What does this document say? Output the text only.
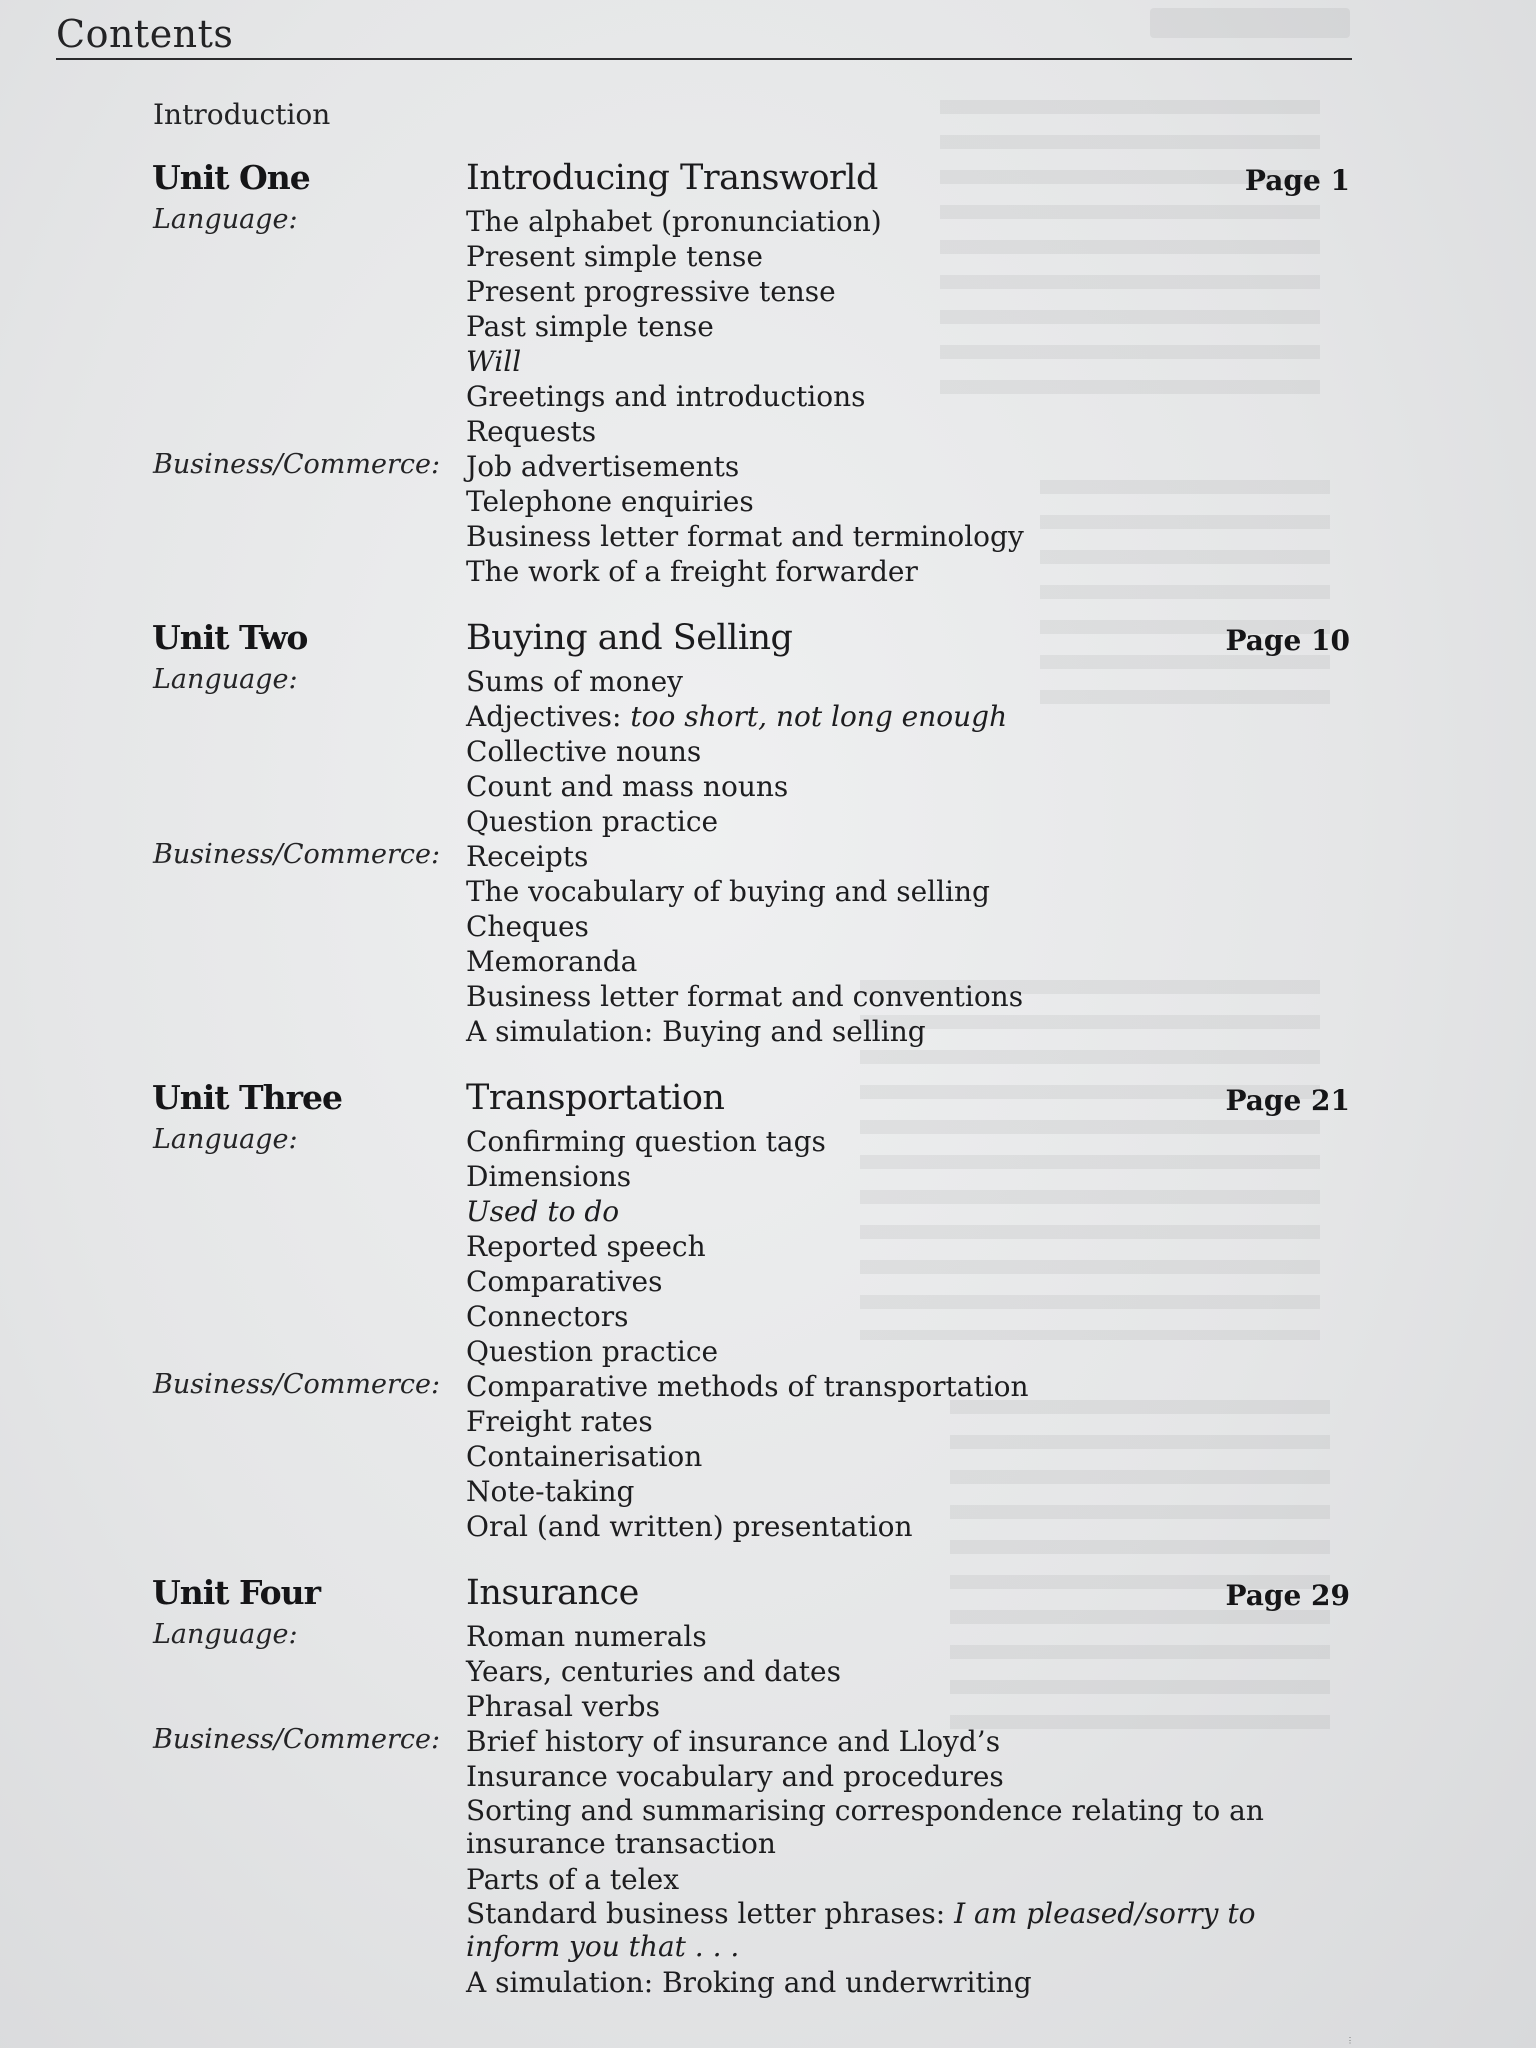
Contents
Introduction
Unit One	Introducing Transworld	Page 1
Language:	The alphabet (pronunciation)
Present simple tense
Present progressive tense
Past simple tense
Will
Greetings and introductions
Requests
Business/Commerce: Job advertisements
Telephone enquiries
Business letter format and terminology
The work of a freight forwarder
Unit Two	Buying and Selling	Page 10
Language:	Sums of money
Adjectives: too short, not long enough
Collective nouns
Count and mass nouns
Question practice
Business/Commerce: Receipts
The vocabulary of buying and selling
Cheques
Memoranda
Business letter format and conventions
A simulation: Buying and selling
Unit Three	Transportation	Page 21
Language:	Confirming question tags
Dimensions
Used to do
Reported speech
Comparatives
Connectors
Question practice
Business/Commerce: Comparative methods of transportation
Freight rates
Containerisation
Note-taking
Oral (and written) presentation
Unit Four	Insurance	Page 29
Language:	Roman numerals
Years, centuries and dates
Phrasal verbs
Business/Commerce: Brief history of insurance and Lloyd’s
Insurance vocabulary and procedures
Sorting and summarising correspondence relating to an insurance transaction
Parts of a telex
Standard business letter phrases: I am pleased/sorry to inform you that . . .
A simulation: Broking and underwriting
⋮
